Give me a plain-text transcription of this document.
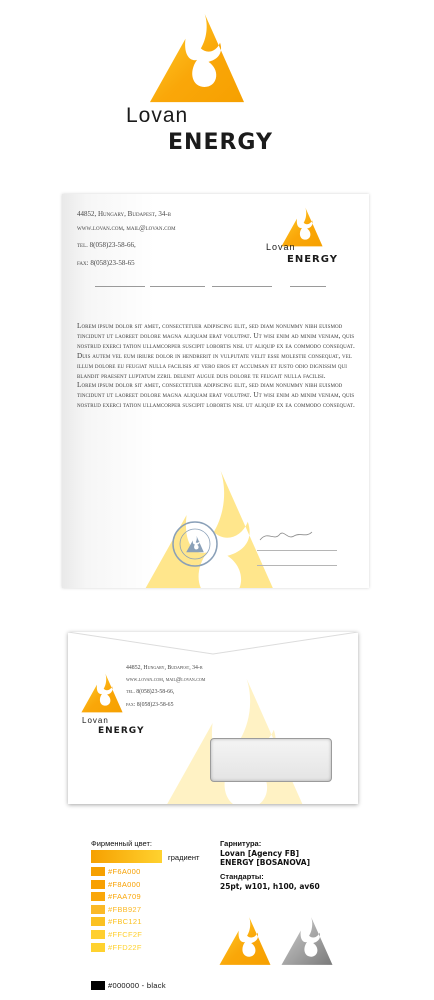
Lovan
ENERGY
44852, Hungary, Budapest, 34-b
www.lovan.com, mail@lovan.com
tel. 8(058)23-58-66,
fax: 8(058)23-58-65
Lovan
ENERGY
Lorem ipsum dolor sit amet, consectetuer adipiscing elit, sed diam nonummy nibh euismod tincidunt ut laoreet dolore magna aliquam erat volutpat. Ut wisi enim ad minim veniam, quis nostrud exerci tation ullamcorper suscipit lobortis nisl ut aliquip ex ea commodo consequat. Duis autem vel eum iriure dolor in hendrerit in vulputate velit esse molestie consequat, vel illum dolore eu feugiat nulla facilisis at vero eros et accumsan et iusto odio dignissim qui blandit praesent luptatum zzril delenit augue duis dolore te feugait nulla facilisi.
Lorem ipsum dolor sit amet, consectetuer adipiscing elit, sed diam nonummy nibh euismod tincidunt ut laoreet dolore magna aliquam erat volutpat. Ut wisi enim ad minim veniam, quis nostrud exerci tation ullamcorper suscipit lobortis nisl ut aliquip ex ea commodo consequat.
Lovan
ENERGY
44852, Hungary, Budapest, 34-b
www.lovan.com, mail@lovan.com
tel. 8(058)23-58-66,
fax: 8(058)23-58-65
Фирменный цвет:
градиент
#F6A000
#F8A000
#FAA709
#FBB927
#FBC121
#FFCF2F
#FFD22F
#000000 - black
Гарнитура:
Lovan [Agency FB]
ENERGY [BOSANOVA]
Стандарты:
25pt, w101, h100, av60
